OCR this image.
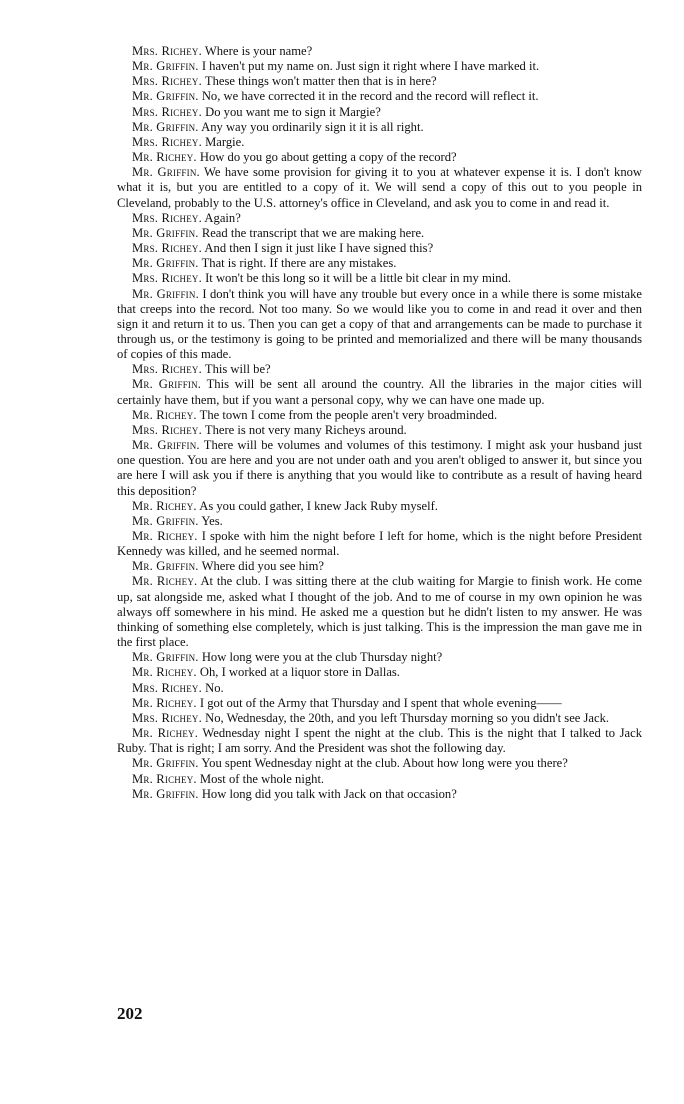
Mrs. Richey. Where is your name?

Mr. Griffin. I haven't put my name on. Just sign it right where I have marked it.

Mrs. Richey. These things won't matter then that is in here?

Mr. Griffin. No, we have corrected it in the record and the record will reflect it.

Mrs. Richey. Do you want me to sign it Margie?

Mr. Griffin. Any way you ordinarily sign it it is all right.

Mrs. Richey. Margie.

Mr. Richey. How do you go about getting a copy of the record?

Mr. Griffin. We have some provision for giving it to you at whatever expense it is. I don't know what it is, but you are entitled to a copy of it. We will send a copy of this out to you people in Cleveland, probably to the U.S. attorney's office in Cleveland, and ask you to come in and read it.

Mrs. Richey. Again?

Mr. Griffin. Read the transcript that we are making here.

Mrs. Richey. And then I sign it just like I have signed this?

Mr. Griffin. That is right. If there are any mistakes.

Mrs. Richey. It won't be this long so it will be a little bit clear in my mind.

Mr. Griffin. I don't think you will have any trouble but every once in a while there is some mistake that creeps into the record. Not too many. So we would like you to come in and read it over and then sign it and return it to us. Then you can get a copy of that and arrangements can be made to purchase it through us, or the testimony is going to be printed and memorialized and there will be many thousands of copies of this made.

Mrs. Richey. This will be?

Mr. Griffin. This will be sent all around the country. All the libraries in the major cities will certainly have them, but if you want a personal copy, why we can have one made up.

Mr. Richey. The town I come from the people aren't very broadminded.

Mrs. Richey. There is not very many Richeys around.

Mr. Griffin. There will be volumes and volumes of this testimony. I might ask your husband just one question. You are here and you are not under oath and you aren't obliged to answer it, but since you are here I will ask you if there is anything that you would like to contribute as a result of having heard this deposition?

Mr. Richey. As you could gather, I knew Jack Ruby myself.

Mr. Griffin. Yes.

Mr. Richey. I spoke with him the night before I left for home, which is the night before President Kennedy was killed, and he seemed normal.

Mr. Griffin. Where did you see him?

Mr. Richey. At the club. I was sitting there at the club waiting for Margie to finish work. He come up, sat alongside me, asked what I thought of the job. And to me of course in my own opinion he was always off somewhere in his mind. He asked me a question but he didn't listen to my answer. He was thinking of something else completely, which is just talking. This is the impression the man gave me in the first place.

Mr. Griffin. How long were you at the club Thursday night?

Mr. Richey. Oh, I worked at a liquor store in Dallas.

Mrs. Richey. No.

Mr. Richey. I got out of the Army that Thursday and I spent that whole evening——

Mrs. Richey. No, Wednesday, the 20th, and you left Thursday morning so you didn't see Jack.

Mr. Richey. Wednesday night I spent the night at the club. This is the night that I talked to Jack Ruby. That is right; I am sorry. And the President was shot the following day.

Mr. Griffin. You spent Wednesday night at the club. About how long were you there?

Mr. Richey. Most of the whole night.

Mr. Griffin. How long did you talk with Jack on that occasion?

202
